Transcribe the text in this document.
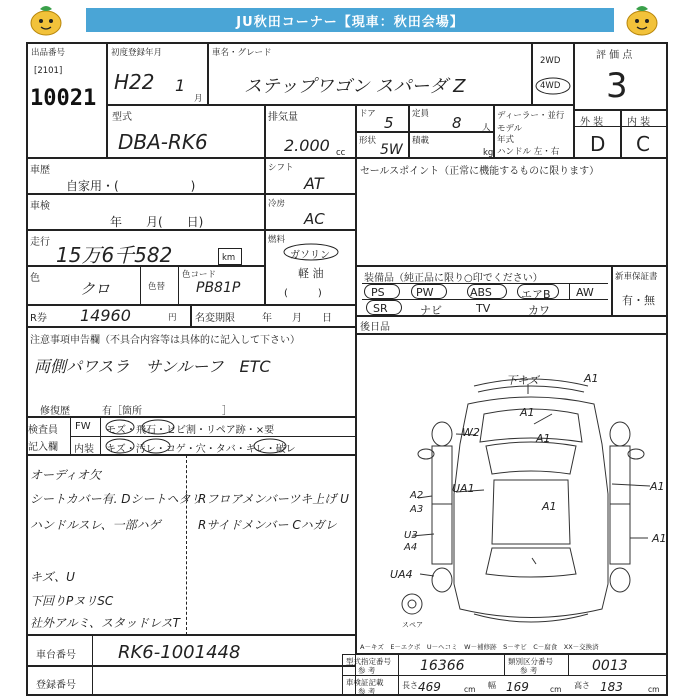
JU秋田コーナー【現車：秋田会場】
出品番号
[2101]
10021
初度登録年月
H22 1
月
車名・グレード
ステップワゴン スパーダ Z
2WD
4WD
評 価 点
3
外 装 内 装
D C
型式
DBA-RK6
排気量
2.000 cc
ドア 5 定員 8 人
形状
5W
積載
kg
ディーラー・並行
モデル
年式
ハンドル 左・右
車歴
自家用・(　　　　　　)
シフト
AT
車検
年　　月(　　日)
冷房
AC
走行
15万6千582	km
燃料
ガソリン
軽 油
(　　　)
色
クロ	色替
色コード
PB81P
セールスポイント（正常に機能するものに限ります）
装備品（純正品に限り○印でください）	新車保証書
有・無
PS	PW	ABS	エアB AW
SR	ナビ	TV	カワ
R券 14960	円 名変期限	年　　月　　日
後日品
注意事項申告欄（不具合内容等は具体的に記入して下さい）
両側パワスラ　サンルーフ　ETC
修復歴	有［箇所　　　　　　　　］
検査員
記入欄
FW
内装
モズ・飛石・ヒビ割・リペア跡・×要
キズ・汚レ・コゲ・穴・タバ・キレ・破レ
オーディオ欠
シートカバー有. Dシートヘタリ
ハンドルスレ、一部ハゲ
キズ、U
下回りPヌリSC
社外アルミ、スタッドレスT
Rフロアメンバーツキ上げ U
Rサイドメンバー Cハガレ
下キズ	A1
A1
W2	A1
A1
UA1
A1
A1
A2
A3
U3
A4
UA4
スペア
A－キズ　E－エクボ　U－ヘコミ　W－補修跡　S－サビ　C－腐食　XX－交換済
車台番号 RK6-1001448
登録番号
型式指定番号
参 考	16366	類別区分番号
参 考	0013
車検証記載
参 考
長さ 469	cm 幅 169	cm 高さ 183	cm
